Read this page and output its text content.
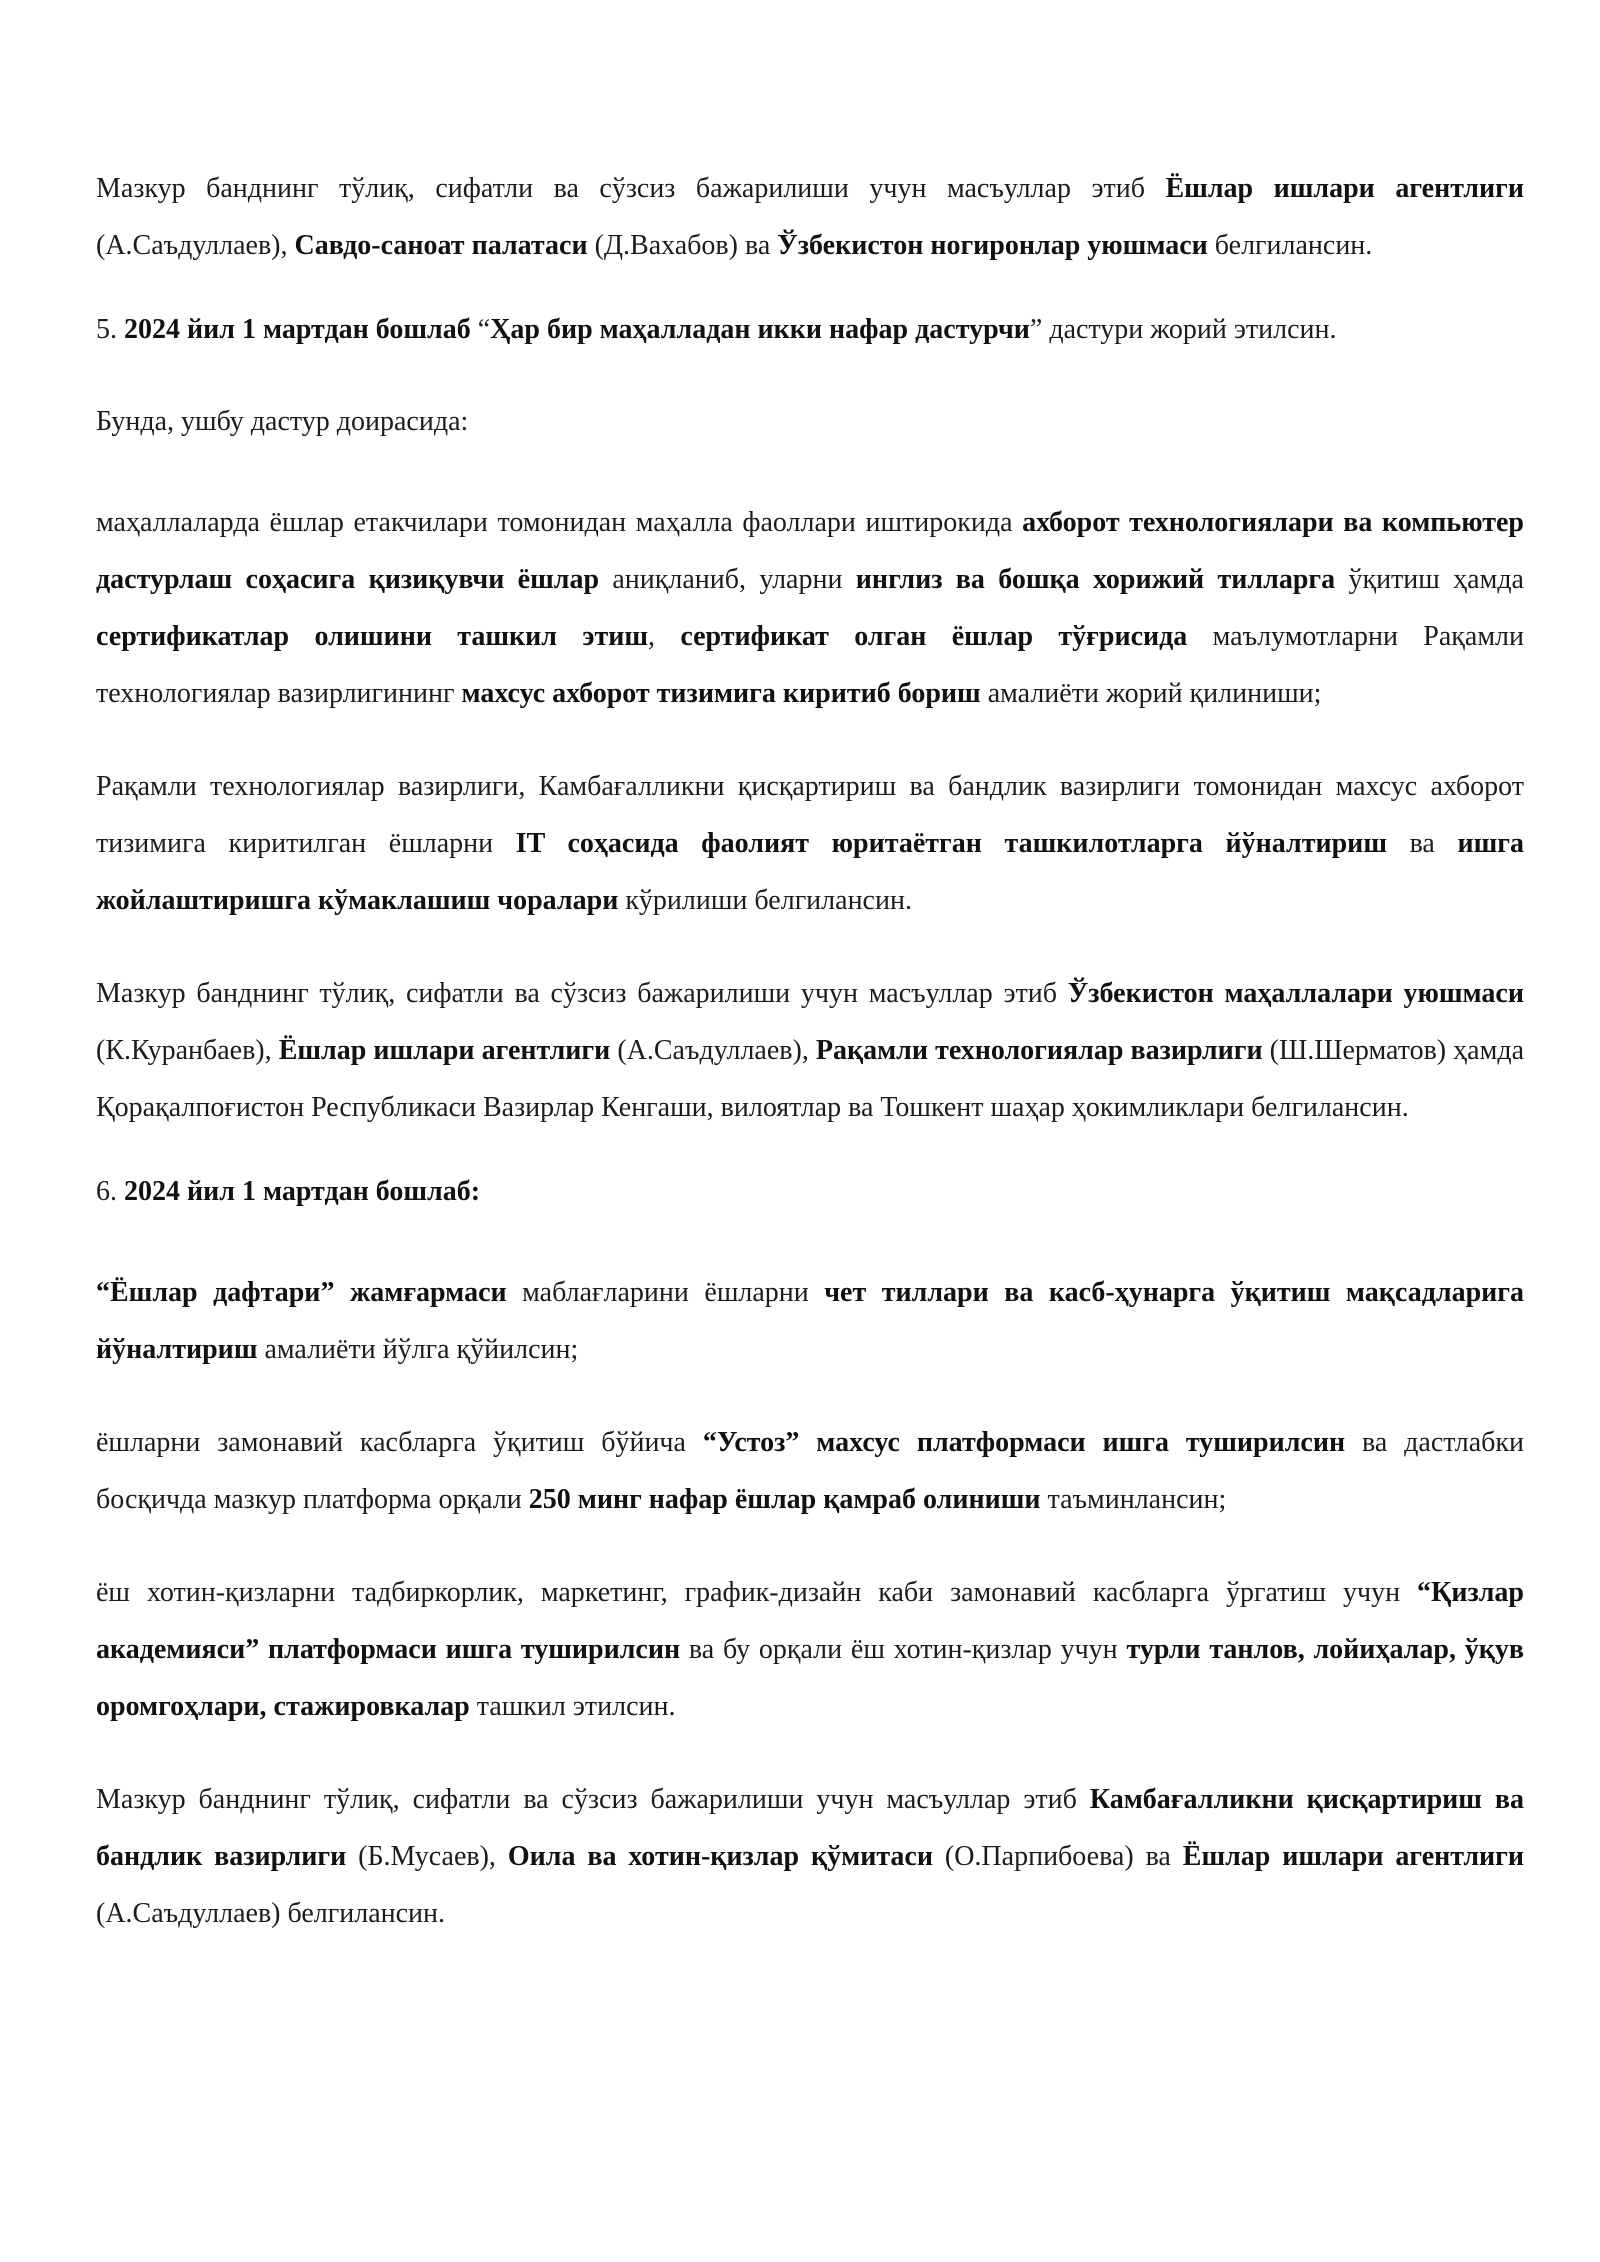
Мазкур банднинг тўлиқ, сифатли ва сўзсиз бажарилиши учун масъуллар этиб Ёшлар ишлари агентлиги (А.Саъдуллаев), Савдо-саноат палатаси (Д.Вахабов) ва Ўзбекистон ногиронлар уюшмаси белгилансин.

5. 2024 йил 1 мартдан бошлаб “Ҳар бир маҳалладан икки нафар дастурчи” дастури жорий этилсин.

Бунда, ушбу дастур доирасида:

маҳаллаларда ёшлар етакчилари томонидан маҳалла фаоллари иштирокида ахборот технологиялари ва компьютер дастурлаш соҳасига қизиқувчи ёшлар аниқланиб, уларни инглиз ва бошқа хорижий тилларга ўқитиш ҳамда сертификатлар олишини ташкил этиш, сертификат олган ёшлар тўғрисида маълумотларни Рақамли технологиялар вазирлигининг махсус ахборот тизимига киритиб бориш амалиёти жорий қилиниши;

Рақамли технологиялар вазирлиги, Камбағалликни қисқартириш ва бандлик вазирлиги томонидан махсус ахборот тизимига киритилган ёшларни IT соҳасида фаолият юритаётган ташкилотларга йўналтириш ва ишга жойлаштиришга кўмаклашиш чоралари кўрилиши белгилансин.

Мазкур банднинг тўлиқ, сифатли ва сўзсиз бажарилиши учун масъуллар этиб Ўзбекистон маҳаллалари уюшмаси (К.Куранбаев), Ёшлар ишлари агентлиги (А.Саъдуллаев), Рақамли технологиялар вазирлиги (Ш.Шерматов) ҳамда Қорақалпоғистон Республикаси Вазирлар Кенгаши, вилоятлар ва Тошкент шаҳар ҳокимликлари белгилансин.

6. 2024 йил 1 мартдан бошлаб:

“Ёшлар дафтари” жамғармаси маблағларини ёшларни чет тиллари ва касб-ҳунарга ўқитиш мақсадларига йўналтириш амалиёти йўлга қўйилсин;

ёшларни замонавий касбларга ўқитиш бўйича “Устоз” махсус платформаси ишга туширилсин ва дастлабки босқичда мазкур платформа орқали 250 минг нафар ёшлар қамраб олиниши таъминлансин;

ёш хотин-қизларни тадбиркорлик, маркетинг, график-дизайн каби замонавий касбларга ўргатиш учун “Қизлар академияси” платформаси ишга туширилсин ва бу орқали ёш хотин-қизлар учун турли танлов, лойиҳалар, ўқув оромгоҳлари, стажировкалар ташкил этилсин.

Мазкур банднинг тўлиқ, сифатли ва сўзсиз бажарилиши учун масъуллар этиб Камбағалликни қисқартириш ва бандлик вазирлиги (Б.Мусаев), Оила ва хотин-қизлар қўмитаси (О.Парпибоева) ва Ёшлар ишлари агентлиги (А.Саъдуллаев) белгилансин.
